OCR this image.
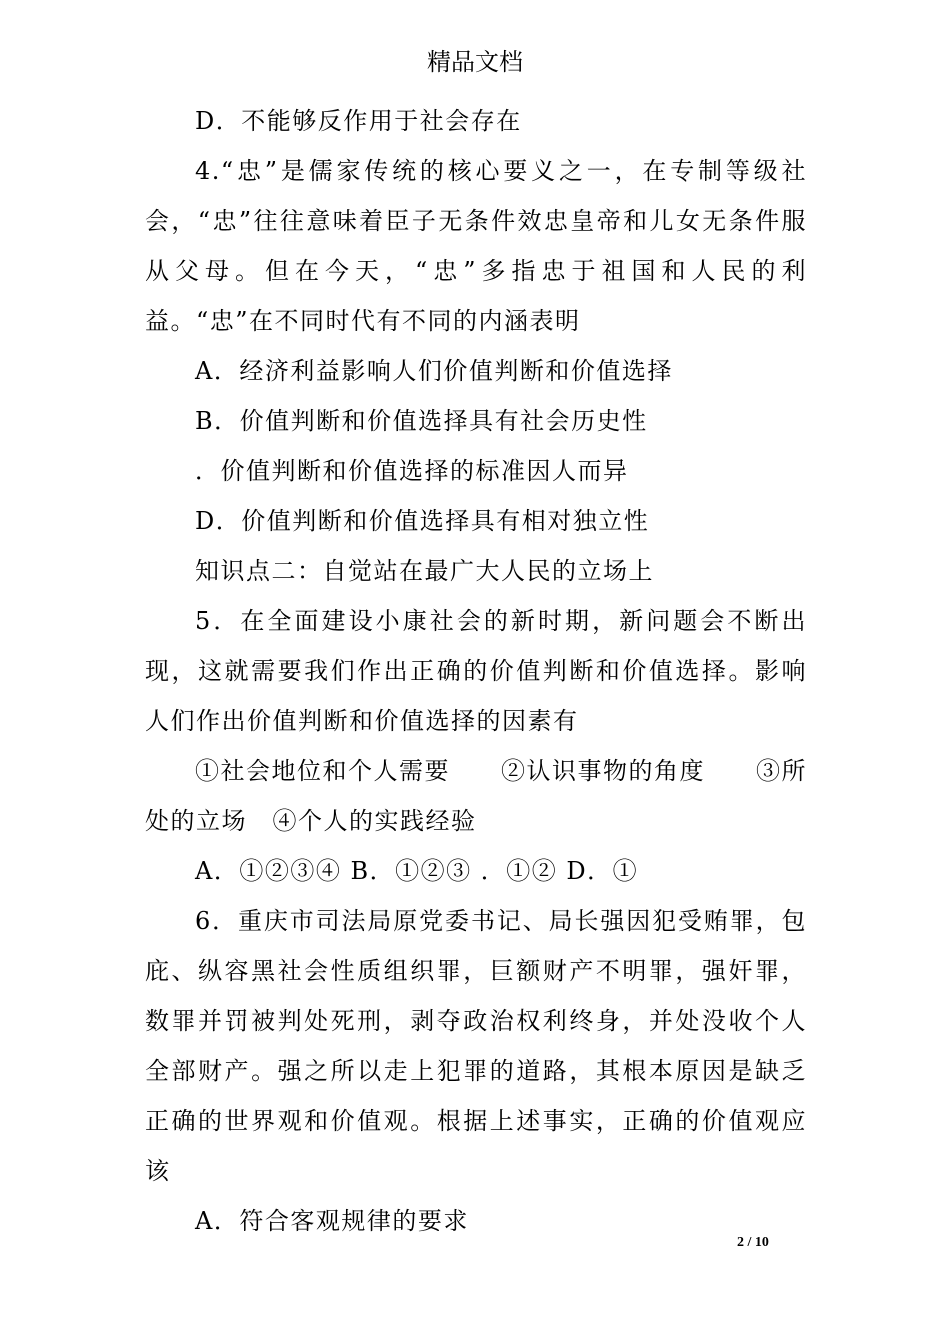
精品文档

D．不能够反作用于社会存在

4.“忠”是儒家传统的核心要义之一，在专制等级社会，“忠”往往意味着臣子无条件效忠皇帝和儿女无条件服从父母。但在今天，“忠”多指忠于祖国和人民的利益。“忠”在不同时代有不同的内涵表明

A．经济利益影响人们价值判断和价值选择

B．价值判断和价值选择具有社会历史性

．价值判断和价值选择的标准因人而异

D．价值判断和价值选择具有相对独立性

知识点二：自觉站在最广大人民的立场上

5．在全面建设小康社会的新时期，新问题会不断出现，这就需要我们作出正确的价值判断和价值选择。影响人们作出价值判断和价值选择的因素有

①社会地位和个人需要　　②认识事物的角度　　③所处的立场　④个人的实践经验

A．①②③④ B．①②③ ．①② D．①

6．重庆市司法局原党委书记、局长强因犯受贿罪，包庇、纵容黑社会性质组织罪，巨额财产不明罪，强奸罪，数罪并罚被判处死刑，剥夺政治权利终身，并处没收个人全部财产。强之所以走上犯罪的道路，其根本原因是缺乏正确的世界观和价值观。根据上述事实，正确的价值观应该

A．符合客观规律的要求

2 / 10
